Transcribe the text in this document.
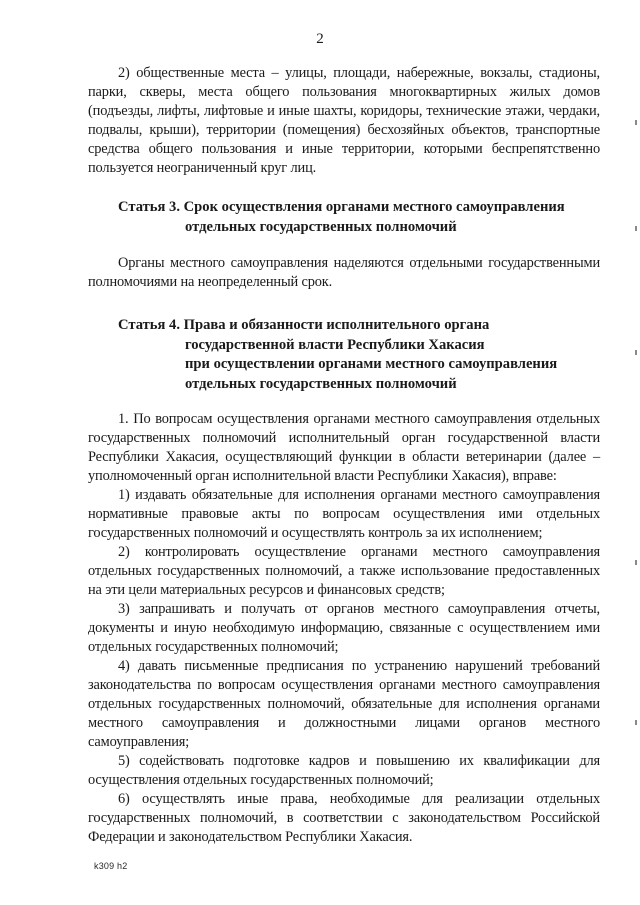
2

2) общественные места – улицы, площади, набережные, вокзалы, стадионы, парки, скверы, места общего пользования многоквартирных жилых домов (подъезды, лифты, лифтовые и иные шахты, коридоры, технические этажи, чердаки, подвалы, крыши), территории (помещения) бесхозяйных объектов, транспортные средства общего пользования и иные территории, которыми беспрепятственно пользуется неограниченный круг лиц.

Статья 3. Срок осуществления органами местного самоуправления
отдельных государственных полномочий

Органы местного самоуправления наделяются отдельными государственными полномочиями на неопределенный срок.

Статья 4. Права и обязанности исполнительного органа
государственной власти Республики Хакасия
при осуществлении органами местного самоуправления
отдельных государственных полномочий

1. По вопросам осуществления органами местного самоуправления отдельных государственных полномочий исполнительный орган государственной власти Республики Хакасия, осуществляющий функции в области ветеринарии (далее – уполномоченный орган исполнительной власти Республики Хакасия), вправе:

1) издавать обязательные для исполнения органами местного самоуправления нормативные правовые акты по вопросам осуществления ими отдельных государственных полномочий и осуществлять контроль за их исполнением;

2) контролировать осуществление органами местного самоуправления отдельных государственных полномочий, а также использование предоставленных на эти цели материальных ресурсов и финансовых средств;

3) запрашивать и получать от органов местного самоуправления отчеты, документы и иную необходимую информацию, связанные с осуществлением ими отдельных государственных полномочий;

4) давать письменные предписания по устранению нарушений требований законодательства по вопросам осуществления органами местного самоуправления отдельных государственных полномочий, обязательные для исполнения органами местного самоуправления и должностными лицами органов местного самоуправления;

5) содействовать подготовке кадров и повышению их квалификации для осуществления отдельных государственных полномочий;

6) осуществлять иные права, необходимые для реализации отдельных государственных полномочий, в соответствии с законодательством Российской Федерации и законодательством Республики Хакасия.

k309 h2
